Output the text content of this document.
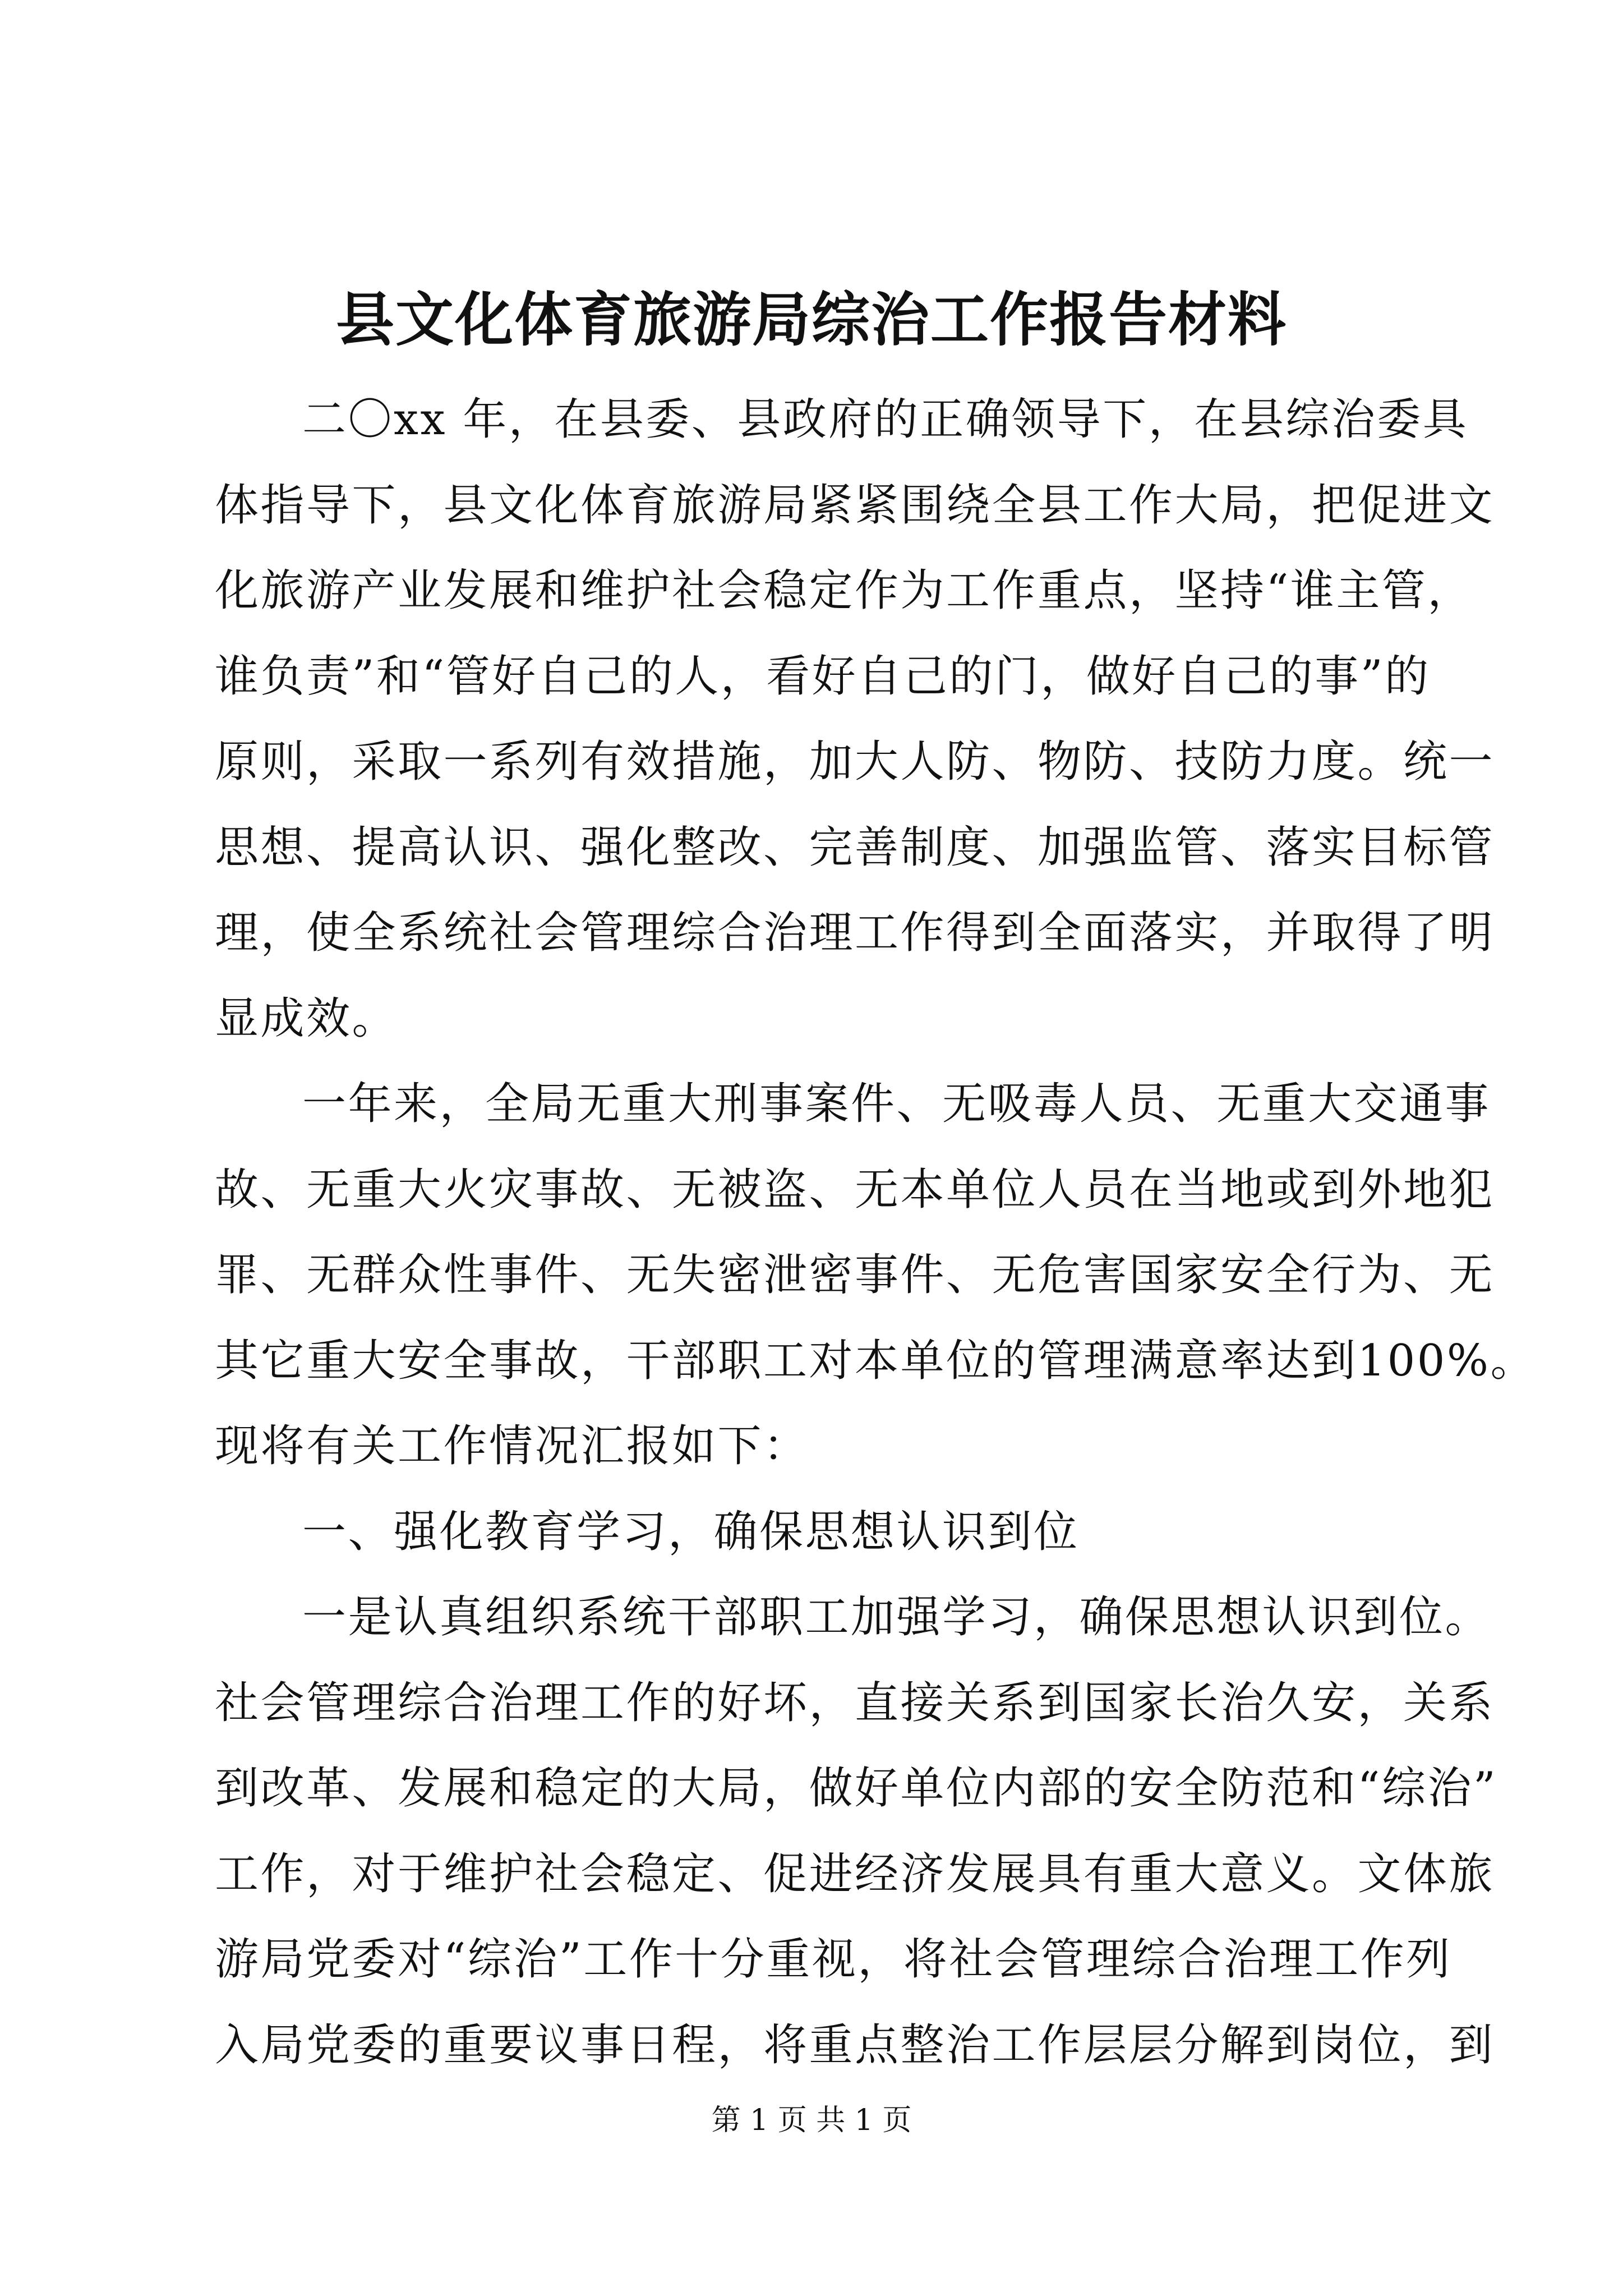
县文化体育旅游局综治工作报告材料
二〇xx 年，在县委、县政府的正确领导下，在县综治委具
体指导下，县文化体育旅游局紧紧围绕全县工作大局，把促进文
化旅游产业发展和维护社会稳定作为工作重点，坚持“谁主管，
谁负责”和“管好自己的人，看好自己的门，做好自己的事”的
原则，采取一系列有效措施，加大人防、物防、技防力度。统一
思想、提高认识、强化整改、完善制度、加强监管、落实目标管
理，使全系统社会管理综合治理工作得到全面落实，并取得了明
显成效。
一年来，全局无重大刑事案件、无吸毒人员、无重大交通事
故、无重大火灾事故、无被盗、无本单位人员在当地或到外地犯
罪、无群众性事件、无失密泄密事件、无危害国家安全行为、无
其它重大安全事故，干部职工对本单位的管理满意率达到100%。
现将有关工作情况汇报如下：
一、强化教育学习，确保思想认识到位
一是认真组织系统干部职工加强学习，确保思想认识到位。
社会管理综合治理工作的好坏，直接关系到国家长治久安，关系
到改革、发展和稳定的大局，做好单位内部的安全防范和“综治”
工作，对于维护社会稳定、促进经济发展具有重大意义。文体旅
游局党委对“综治”工作十分重视，将社会管理综合治理工作列
入局党委的重要议事日程，将重点整治工作层层分解到岗位，到
第 1 页 共 1 页
